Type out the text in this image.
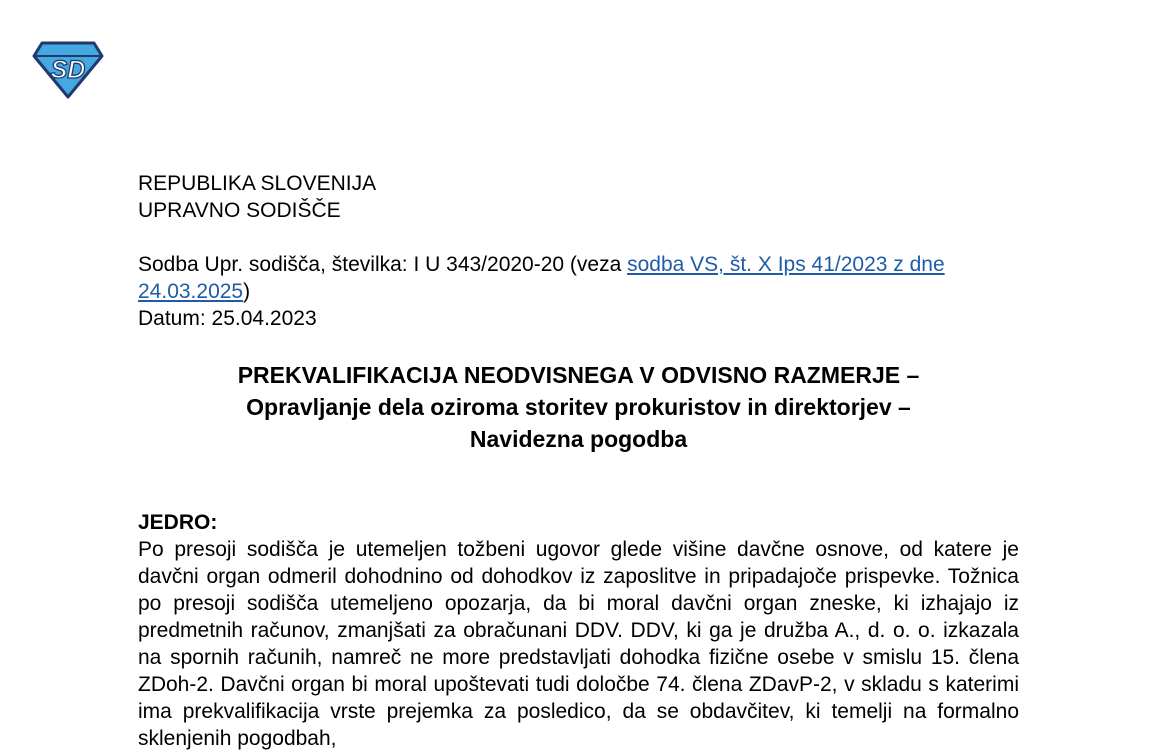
SD
REPUBLIKA SLOVENIJA
UPRAVNO SODIŠČE
Sodba Upr. sodišča, številka: I U 343/2020-20 (veza sodba VS, št. X Ips 41/2023 z dne 24.03.2025)
Datum: 25.04.2023
PREKVALIFIKACIJA NEODVISNEGA V ODVISNO RAZMERJE –
Opravljanje dela oziroma storitev prokuristov in direktorjev –
Navidezna pogodba
JEDRO:

Po presoji sodišča je utemeljen tožbeni ugovor glede višine davčne osnove, od katere je davčni organ odmeril dohodnino od dohodkov iz zaposlitve in pripadajoče prispevke. Tožnica po presoji sodišča utemeljeno opozarja, da bi moral davčni organ zneske, ki izhajajo iz predmetnih računov, zmanjšati za obračunani DDV. DDV, ki ga je družba A., d. o. o. izkazala na spornih računih, namreč ne more predstavljati dohodka fizične osebe v smislu 15. člena ZDoh-2. Davčni organ bi moral upoštevati tudi določbe 74. člena ZDavP-2, v skladu s katerimi ima prekvalifikacija vrste prejemka za posledico, da se obdavčitev, ki temelji na formalno sklenjenih pogodbah,
